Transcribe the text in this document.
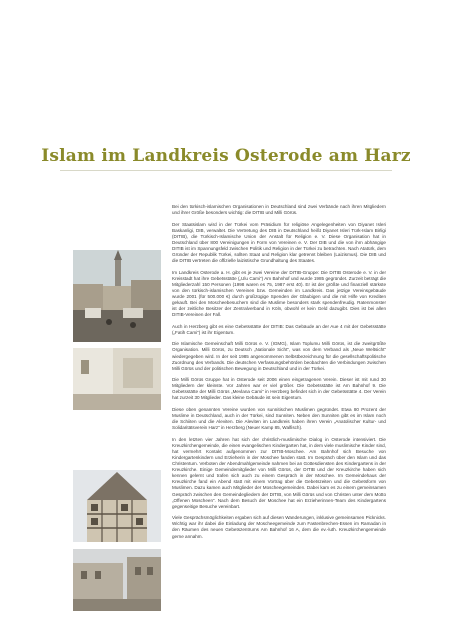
Islam im Landkreis Osterode am Harz

Bei den türkisch-islamischen Organisationen in Deutschland sind zwei Verbände nach ihren Mitgliedern und ihrer Größe besonders wichtig: die DITIB und Milli Görüs.

Der Staatsislam wird in der Türkei vom Präsidium für religiöse Angelegenheiten von Diyanet Isleri Baskanligi, DIB, verwaltet. Die Vertretung des DIB in Deutschland heißt Diyanet Isleri Türk-Islam Birligi (DITIB), die Türkisch-Islamische Union der Anstalt für Religion e. V. Diese Organisation hat in Deutschland über 800 Vereinigungen in Form von Vereinen e. V. Der DIB und die von ihm abhängige DITIB ist im Spannungsfeld zwischen Politik und Religion in der Türkei zu betrachten. Nach Atatürk, dem Gründer der Republik Türkei, sollten Staat und Religion klar getrennt bleiben (Laizismus). Die DIB und die DITIB vertreten die offizielle laizistische Grundhaltung des Staates.

Im Landkreis Osterode a. H. gibt es je zwei Vereine der DITIB-Gruppe: Die DITIB Osterode e. V. in der Kreisstadt hat ihre Gebetsstätte („Ulu Cami“) Am Bahnhof und wurde 1985 gegründet. Zurzeit beträgt die Mitgliederzahl 150 Personen (1998 waren es 75, 1987 erst 40). Er ist der größte und finanziell stärkste von den türkisch-islamischen Vereinen bzw. Gemeinden im Landkreis. Das jetzige Vereinsgebäude wurde 2001 (für 500.000 €) durch großzügige Spenden der Gläubigen und die mit Hilfe von Krediten gekauft. Bei den Moscheebesuchern sind die Muslime besonders stark spendenfreudig. Ratenmonster ist der zeitliche Besitzer der Zentralverband in Köln, obwohl er kein Geld dazugibt. Dies ist bei allen DITIB-Vereinen der Fall.

Auch in Herzberg gibt es eine Gebetsstätte der DITIB: Das Gebäude an der Aue 4 mit der Gebetsstätte („Fatih Cami“) ist ihr Eigentum.

Die Islamische Gemeinschaft Milli Görüs e. V. (IGMG), Islam Toplumu Milli Görüs, ist die zweitgrößte Organisation. Milli Görüs, zu Deutsch „Nationale Sicht“, was von dem Verband als „Neue Weltsicht“ wiedergegeben wird. In der seit 1985 angenommenen Selbstbezeichnung für die gesellschaftspolitische Zuordnung des Verbands. Die deutschen Verfassungsbehörden beobachten die Verbindungen zwischen Milli Görüs und der politischen Bewegung in Deutschland und in der Türkei.

Die Milli Görüs Gruppe hat in Osterode seit 2006 einen eingetragenen Verein. Dieser ist mit rund 30 Mitgliedern der kleinste. Vor Jahren war er viel größer. Die Gebetsstätte ist Am Bahnhof 9. Die Gebetsstätte der Milli Görüs „Mevlana Cami“ in Herzberg befindet sich in der Gebetsstätte 4. Der Verein hat zurzeit 30 Mitglieder. Das kleine Gebäude ist sein Eigentum.

Diese oben genannten Vereine wurden von sunnitischen Muslimen gegründet. Etwa 80 Prozent der Muslime in Deutschland, auch in der Türkei, sind Sunniten. Neben den Sunniten gibt es im Islam noch die Schiiten und die Aleviten. Die Aleviten im Landkreis haben ihren Verein „Anatolischer Kultur- und Solidaritätsverein Harz“ in Herzberg (Neuer Kamp 85, Walfisch).

In den letzten vier Jahren hat sich der christlich-muslimische Dialog in Osterode intensiviert. Die Kreuzkirchengemeinde, die einen evangelischen Kindergarten hat, in dem viele muslimische Kinder sind, hat vermehrt Kontakt aufgenommen zur DITIB-Moschee. Am Bahnhof sich Besuche von Kindergartenkindern und Erzieherin in der Moschee fanden statt. Im Gespräch über den Islam und das Christentum. Verboten der Abendmahlgemeinde nahmen bei an Gottesdiensten des Kindergartens in der Kreuzkirche. Einige Gemeindemitglieder von Milli Görüs, der DITIB und der Kreuzkirche haben sich kennen gelernt und trafen sich auch zu einem Gespräch in der Moschee. Im Gemeindehaus der Kreuzkirche fand ein Abend statt mit einem Vortrag über die Gebetszeiten und die Gebetsform von Muslimen. Dazu kamen auch Mitglieder der Moscheegemeinden. Dabei kam es zu einem gemeinsamen Gespräch zwischen den Gemeindegliedern der DITIB, von Milli Görüs und von Christen unter dem Motto „Offenen Moscheen“. Nach dem Besuch der Moschee hat ein Erzieherinnen-Team des Kindergartens gegenseitige Besuche vereinbart.

Viele Gesprächsmöglichkeiten ergaben sich auf diesen Wanderungen, inklusive gemeinsamen Picknicks. Wichtig war ihr dabei die Einladung der Moscheegemeinde zum Fastenbrechen-Essen im Ramadan in den Räumen des neuen Gebetszentrums Am Bahnhof 16 A, dem die ev.-luth. Kreuzkirchengemeinde gerne annahm.
